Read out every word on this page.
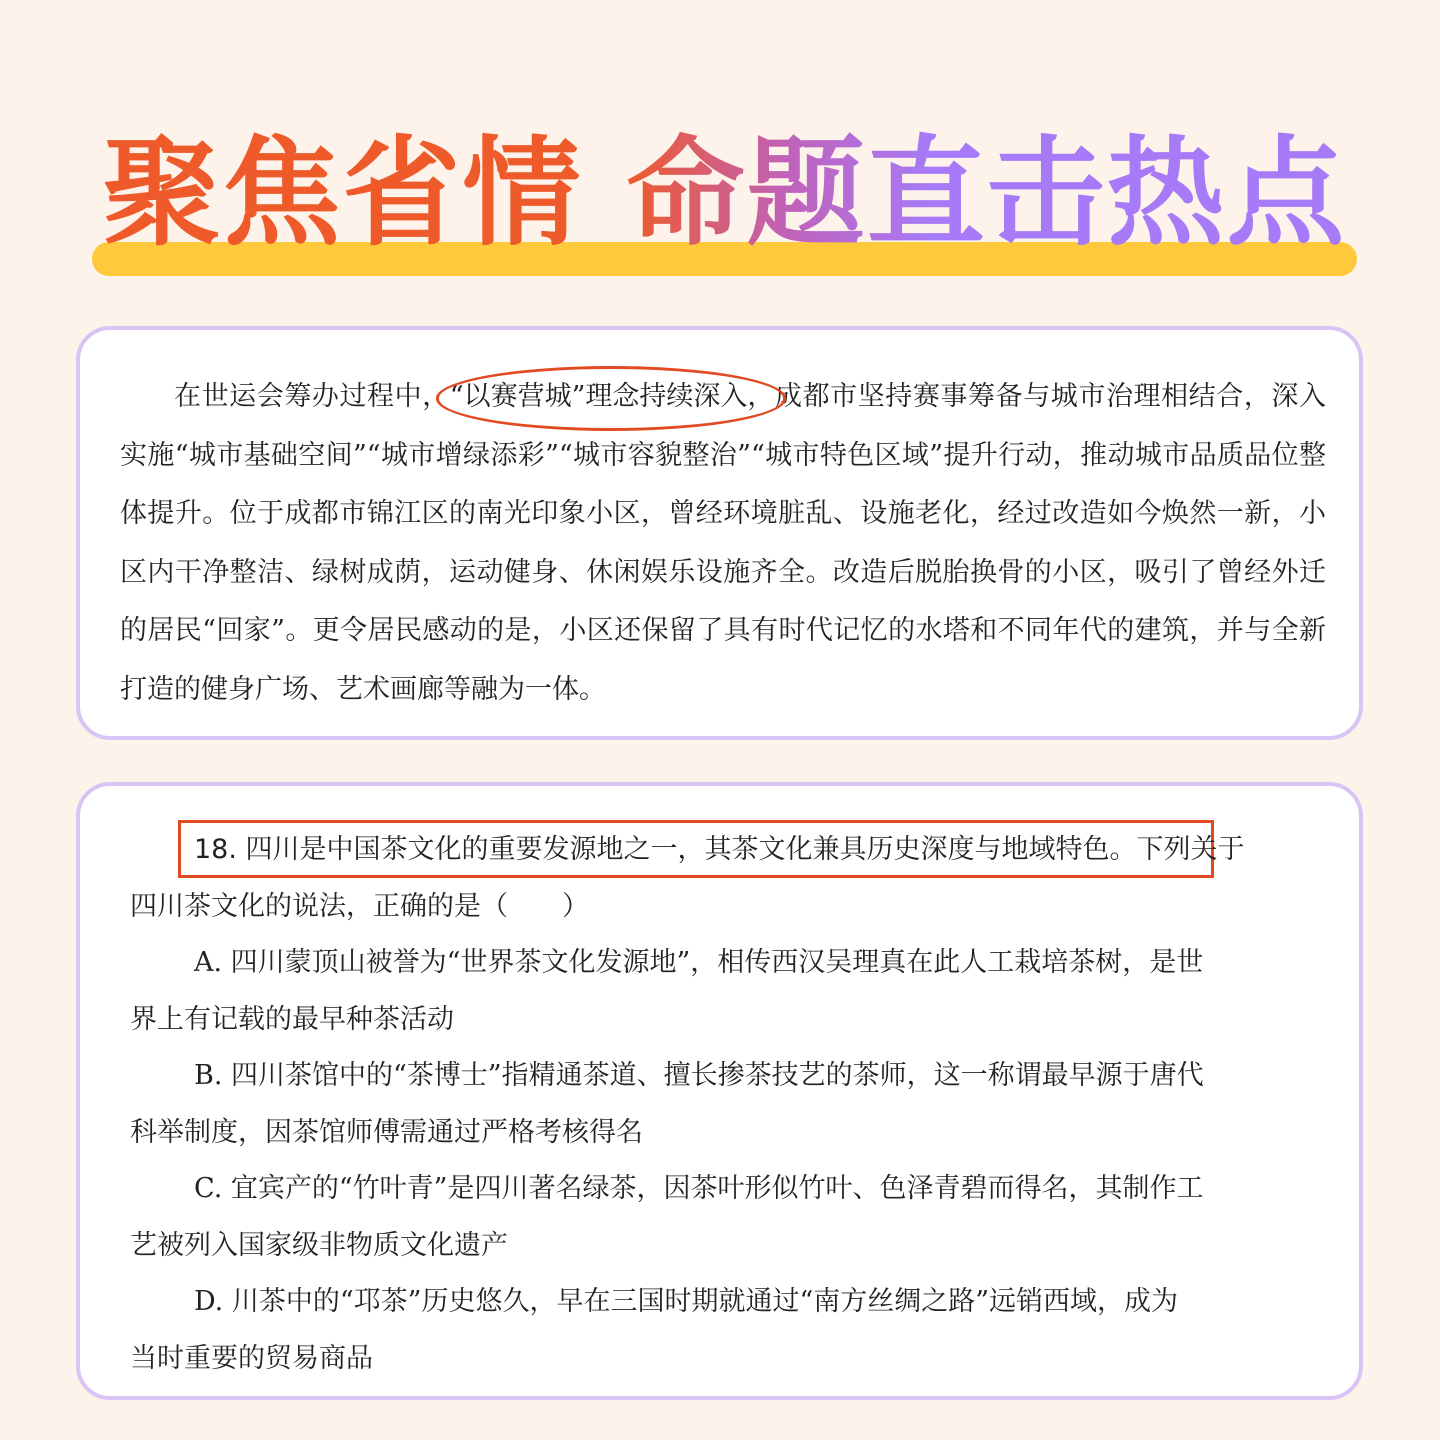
聚焦省情 命题直击热点

在世运会筹办过程中，“以赛营城”理念持续深入，成都市坚持赛事筹备与城市治理相结合，深入实施“城市基础空间”“城市增绿添彩”“城市容貌整治”“城市特色区域”提升行动，推动城市品质品位整体提升。位于成都市锦江区的南光印象小区，曾经环境脏乱、设施老化，经过改造如今焕然一新，小区内干净整洁、绿树成荫，运动健身、休闲娱乐设施齐全。改造后脱胎换骨的小区，吸引了曾经外迁的居民“回家”。更令居民感动的是，小区还保留了具有时代记忆的水塔和不同年代的建筑，并与全新打造的健身广场、艺术画廊等融为一体。

18. 四川是中国茶文化的重要发源地之一，其茶文化兼具历史深度与地域特色。下列关于

四川茶文化的说法，正确的是（　　）

A. 四川蒙顶山被誉为“世界茶文化发源地”，相传西汉吴理真在此人工栽培茶树，是世

界上有记载的最早种茶活动

B. 四川茶馆中的“茶博士”指精通茶道、擅长掺茶技艺的茶师，这一称谓最早源于唐代

科举制度，因茶馆师傅需通过严格考核得名

C. 宜宾产的“竹叶青”是四川著名绿茶，因茶叶形似竹叶、色泽青碧而得名，其制作工

艺被列入国家级非物质文化遗产

D. 川茶中的“邛茶”历史悠久，早在三国时期就通过“南方丝绸之路”远销西域，成为

当时重要的贸易商品
